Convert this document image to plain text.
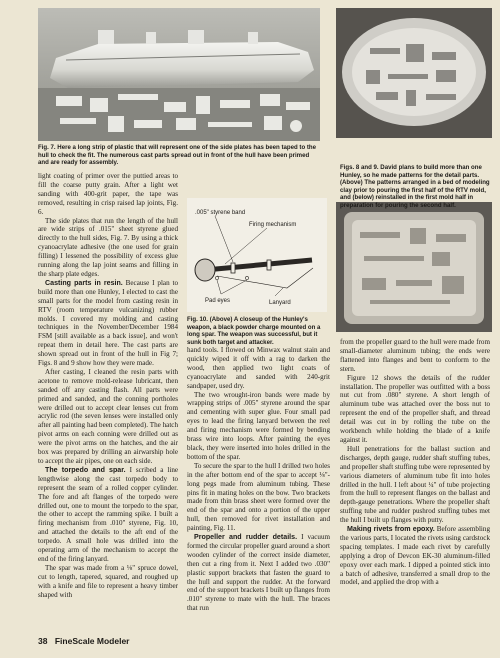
Fig. 7. Here a long strip of plastic that will represent one of the side plates has been taped to the hull to check the fit. The numerous cast parts spread out in front of the hull have been primed and are ready for assembly.

Figs. 8 and 9. David plans to build more than one Hunley, so he made patterns for the detail parts. (Above) The patterns arranged in a bed of modeling clay prior to pouring the first half of the RTV mold, and (below) reinstalled in the first mold half in preparation for pouring the second half.

.005" styrene band
Firing mechanism
Pad eyes	Lanyard

Fig. 10. (Above) A closeup of the Hunley's weapon, a black powder charge mounted on a long spar. The weapon was successful, but it sunk both target and attacker.

light coating of primer over the puttied areas to fill the coarse putty grain. After a light wet sanding with 400-grit paper, the tape was removed, resulting in crisp raised lap joints, Fig. 6.

The side plates that run the length of the hull are wide strips of .015" sheet styrene glued directly to the hull sides, Fig. 7. By using a thick cyanoacrylate adhesive (the one used for grain filling) I lessened the possibility of excess glue running along the lap joint seams and filling in the sharp plate edges.

Casting parts in resin. Because I plan to build more than one Hunley, I elected to cast the small parts for the model from casting resin in RTV (room temperature vulcanizing) rubber molds. I covered my molding and casting techniques in the November/December 1984 FSM [still available as a back issue], and won't repeat them in detail here. The cast parts are shown spread out in front of the hull in Fig 7; Figs. 8 and 9 show how they were made.

After casting, I cleaned the resin parts with acetone to remove mold-release lubricant, then sanded off any casting flash. All parts were primed and sanded, and the conning portholes were drilled out to accept clear lenses cut from acrylic rod (the seven lenses were installed only after all painting had been completed). The hatch pivot arms on each conning were drilled out as were the pivot arms on the hatches, and the air box was prepared by drilling an airwarship hole to accept the air pipes, one on each side.

The torpedo and spar. I scribed a line lengthwise along the cast torpedo body to represent the seam of a rolled copper cylinder. The fore and aft flanges of the torpedo were drilled out, one to mount the torpedo to the spar, the other to accept the ramming spike. I built a firing mechanism from .010" styrene, Fig. 10, and attached the details to the aft end of the torpedo. A small hole was drilled into the operating arm of the mechanism to accept the end of the firing lanyard.

The spar was made from a ⅛" spruce dowel, cut to length, tapered, squared, and roughed up with a knife and file to represent a heavy timber shaped with

hand tools. I flowed on Minwax walnut stain and quickly wiped it off with a rag to darken the wood, then applied two light coats of cyanoacrylate and sanded with 240-grit sandpaper, used dry.

The two wrought-iron bands were made by wrapping strips of .005" styrene around the spar and cementing with super glue. Four small pad eyes to lead the firing lanyard between the reel and firing mechanism were formed by bending brass wire into loops. After painting the eyes black, they were inserted into holes drilled in the bottom of the spar.

To secure the spar to the hull I drilled two holes in the after bottom end of the spar to accept ⅛"-long pegs made from aluminum tubing. These pins fit in mating holes on the bow. Two brackets made from thin brass sheet were formed over the end of the spar and onto a portion of the upper hull, then removed for rivet installation and painting, Fig. 11.

Propeller and rudder details. I vacuum formed the circular propeller guard around a short wooden cylinder of the correct inside diameter, then cut a ring from it. Next I added two .030" plastic support brackets that fasten the guard to the hull and support the rudder. At the forward end of the support brackets I built up flanges from .010" styrene to mate with the hull. The braces that run

from the propeller guard to the hull were made from small-diameter aluminum tubing; the ends were flattened into flanges and bent to conform to the stern.

Figure 12 shows the details of the rudder installation. The propeller was outfitted with a boss nut cut from .080" styrene. A short length of aluminum tube was attached over the boss nut to represent the end of the propeller shaft, and thread detail was cut in by rolling the tube on the workbench while holding the blade of a knife against it.

Hull penetrations for the ballast suction and discharges, depth gauge, rudder shaft stuffing tubes, and propeller shaft stuffing tube were represented by various diameters of aluminum tube fit into holes drilled in the hull. I left about ¼" of tube projecting from the hull to represent flanges on the ballast and depth-gauge penetrations. Where the propeller shaft stuffing tube and rudder pushrod stuffing tubes met the hull I built up flanges with putty.

Making rivets from epoxy. Before assembling the various parts, I located the rivets using cardstock spacing templates. I made each rivet by carefully applying a drop of Devcon EK-30 aluminum-filled epoxy over each mark. I dipped a pointed stick into a batch of adhesive, transferred a small drop to the model, and applied the drop with a

38 FineScale Modeler
